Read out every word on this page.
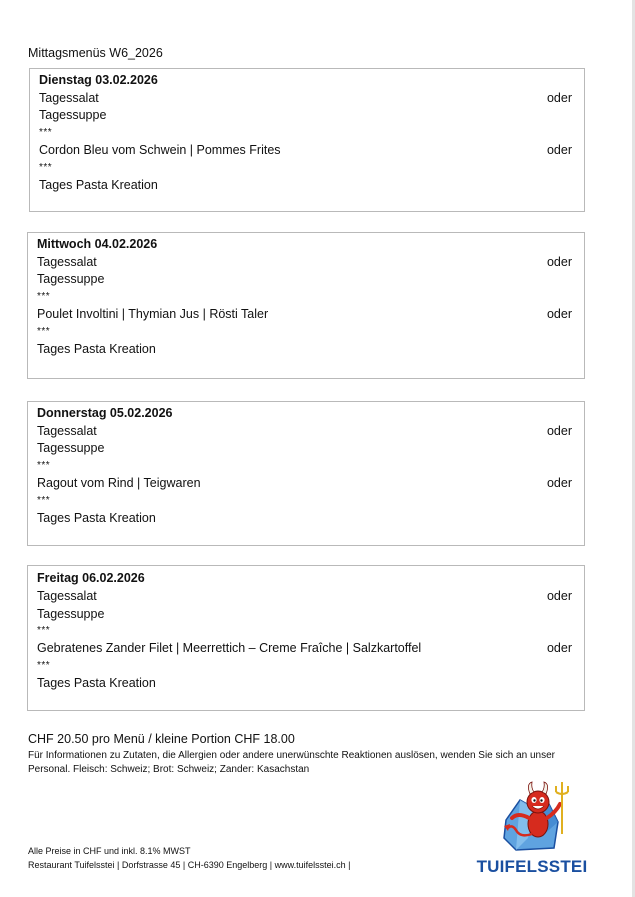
Mittagsmenüs W6_2026
Dienstag 03.02.2026
Tagessalat	oder
Tagessuppe
***
Cordon Bleu vom Schwein | Pommes Frites	oder
***
Tages Pasta Kreation
Mittwoch 04.02.2026
Tagessalat	oder
Tagessuppe
***
Poulet Involtini | Thymian Jus | Rösti Taler	oder
***
Tages Pasta Kreation
Donnerstag 05.02.2026
Tagessalat	oder
Tagessuppe
***
Ragout vom Rind | Teigwaren	oder
***
Tages Pasta Kreation
Freitag 06.02.2026
Tagessalat	oder
Tagessuppe
***
Gebratenes Zander Filet | Meerrettich – Creme Fraîche | Salzkartoffel	oder
***
Tages Pasta Kreation
CHF 20.50 pro Menü / kleine Portion CHF 18.00
Für Informationen zu Zutaten, die Allergien oder andere unerwünschte Reaktionen auslösen, wenden Sie sich an unser Personal. Fleisch: Schweiz; Brot: Schweiz; Zander: Kasachstan
Alle Preise in CHF und inkl. 8.1% MWST
Restaurant Tuifelsstei | Dorfstrasse 45 | CH-6390 Engelberg | www.tuifelsstei.ch |	TUIFELSSTEI
